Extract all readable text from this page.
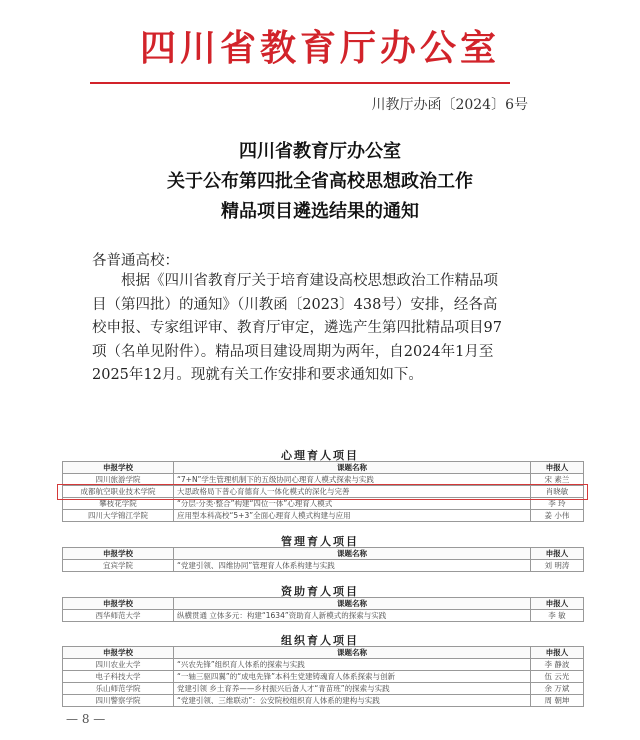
四川省教育厅办公室
川教厅办函〔2024〕6号
四川省教育厅办公室
关于公布第四批全省高校思想政治工作
精品项目遴选结果的通知
各普通高校：
根据《四川省教育厅关于培育建设高校思想政治工作精品项目（第四批）的通知》（川教函〔2023〕438号）安排，经各高校申报、专家组评审、教育厅审定，遴选产生第四批精品项目97项（名单见附件）。精品项目建设周期为两年，自2024年1月至2025年12月。现就有关工作安排和要求通知如下。
心理育人项目
申报学校	课题名称	申报人
四川旅游学院	“7+N”学生管理机制下的五级协同心理育人模式探索与实践	宋 素兰
成都航空职业技术学院	大思政格局下普心育德育人一体化模式的深化与完善	肖晓敏
攀枝花学院	“分层·分类·整合”构建“四位一体”心理育人模式	李 玲
四川大学锦江学院	应用型本科高校“5+3”全面心理育人模式构建与应用	姜 小伟
管理育人项目
申报学校	课题名称	申报人
宜宾学院	“党建引领、四维协同”管理育人体系构建与实践	刘 明涛
资助育人项目
申报学校	课题名称	申报人
西华师范大学	纵横贯通 立体多元：构建“1634”资助育人新模式的探索与实践	李 敏
组织育人项目
申报学校	课题名称	申报人
四川农业大学	“兴农先锋”组织育人体系的探索与实践	李 静波
电子科技大学	“一轴三驱四翼”的“成电先锋”本科生党建铸魂育人体系探索与创新	伍 云光
乐山师范学院	党建引领 乡土育养——乡村振兴后备人才“青苗班”的探索与实践	余 万斌
四川警察学院	“党建引领、三维联动”：公安院校组织育人体系的建构与实践	周 朝坤
— 8 —
